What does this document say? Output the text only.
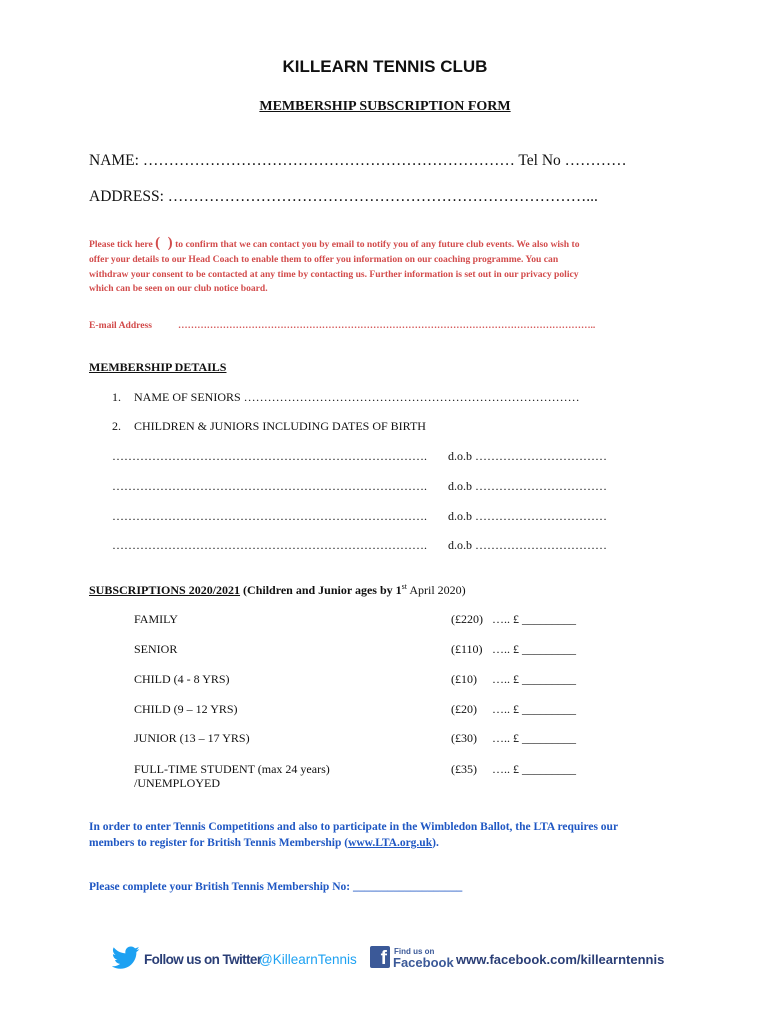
KILLEARN TENNIS CLUB
MEMBERSHIP SUBSCRIPTION FORM
NAME: ……………………………………………………………… Tel No …………
ADDRESS: ………………………………………………………………………...
Please tick here ( ) to confirm that we can contact you by email to notify you of any future club events. We also wish to
offer your details to our Head Coach to enable them to offer you information on our coaching programme. You can
withdraw your consent to be contacted at any time by contacting us. Further information is set out in our privacy policy
which can be seen on our club notice board.
E-mail Address	…………………………………………………………………………………………………………………..
MEMBERSHIP DETAILS
1. NAME OF SENIORS …………………………………………………………………………
2. CHILDREN & JUNIORS INCLUDING DATES OF BIRTH
……………………………………………………………………. d.o.b ……………………………
……………………………………………………………………. d.o.b ……………………………
……………………………………………………………………. d.o.b ……………………………
……………………………………………………………………. d.o.b ……………………………
SUBSCRIPTIONS 2020/2021 (Children and Junior ages by 1st April 2020)
FAMILY	(£220) ….. £ _________
SENIOR	(£110) ….. £ _________
CHILD (4 - 8 YRS)	(£10) ….. £ _________
CHILD (9 – 12 YRS)	(£20) ….. £ _________
JUNIOR (13 – 17 YRS)	(£30) ….. £ _________
FULL-TIME STUDENT (max 24 years)
/UNEMPLOYED
(£35) ….. £ _________
In order to enter Tennis Competitions and also to participate in the Wimbledon Ballot, the LTA requires our
members to register for British Tennis Membership (www.LTA.org.uk).
Please complete your British Tennis Membership No: ___________________
Follow us on Twitter
@KillearnTennis f Find us on
Facebook www.facebook.com/killearntennis
